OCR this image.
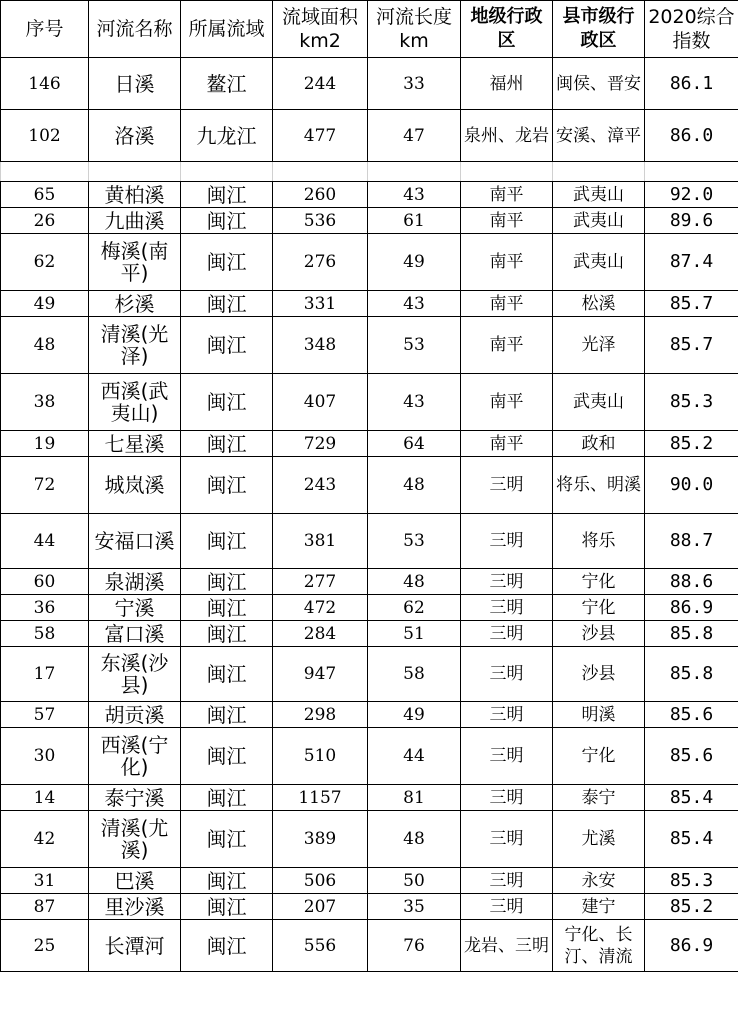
序号	河流名称	所属流域	流域面积km2	河流长度km	地级行政区	县市级行政区	2020综合指数
146	日溪	鳌江	244	33	福州	闽侯、晋安	86.1
102	洛溪	九龙江	477	47	泉州、龙岩	安溪、漳平	86.0

65	黄柏溪	闽江	260	43	南平	武夷山	92.0
26	九曲溪	闽江	536	61	南平	武夷山	89.6
62	梅溪(南平)	闽江	276	49	南平	武夷山	87.4
49	杉溪	闽江	331	43	南平	松溪	85.7
48	清溪(光泽)	闽江	348	53	南平	光泽	85.7
38	西溪(武夷山)	闽江	407	43	南平	武夷山	85.3
19	七星溪	闽江	729	64	南平	政和	85.2
72	城岚溪	闽江	243	48	三明	将乐、明溪	90.0
44	安福口溪	闽江	381	53	三明	将乐	88.7
60	泉湖溪	闽江	277	48	三明	宁化	88.6
36	宁溪	闽江	472	62	三明	宁化	86.9
58	富口溪	闽江	284	51	三明	沙县	85.8
17	东溪(沙县)	闽江	947	58	三明	沙县	85.8
57	胡贡溪	闽江	298	49	三明	明溪	85.6
30	西溪(宁化)	闽江	510	44	三明	宁化	85.6
14	泰宁溪	闽江	1157	81	三明	泰宁	85.4
42	清溪(尤溪)	闽江	389	48	三明	尤溪	85.4
31	巴溪	闽江	506	50	三明	永安	85.3
87	里沙溪	闽江	207	35	三明	建宁	85.2
25	长潭河	闽江	556	76	龙岩、三明	宁化、长汀、清流	86.9
